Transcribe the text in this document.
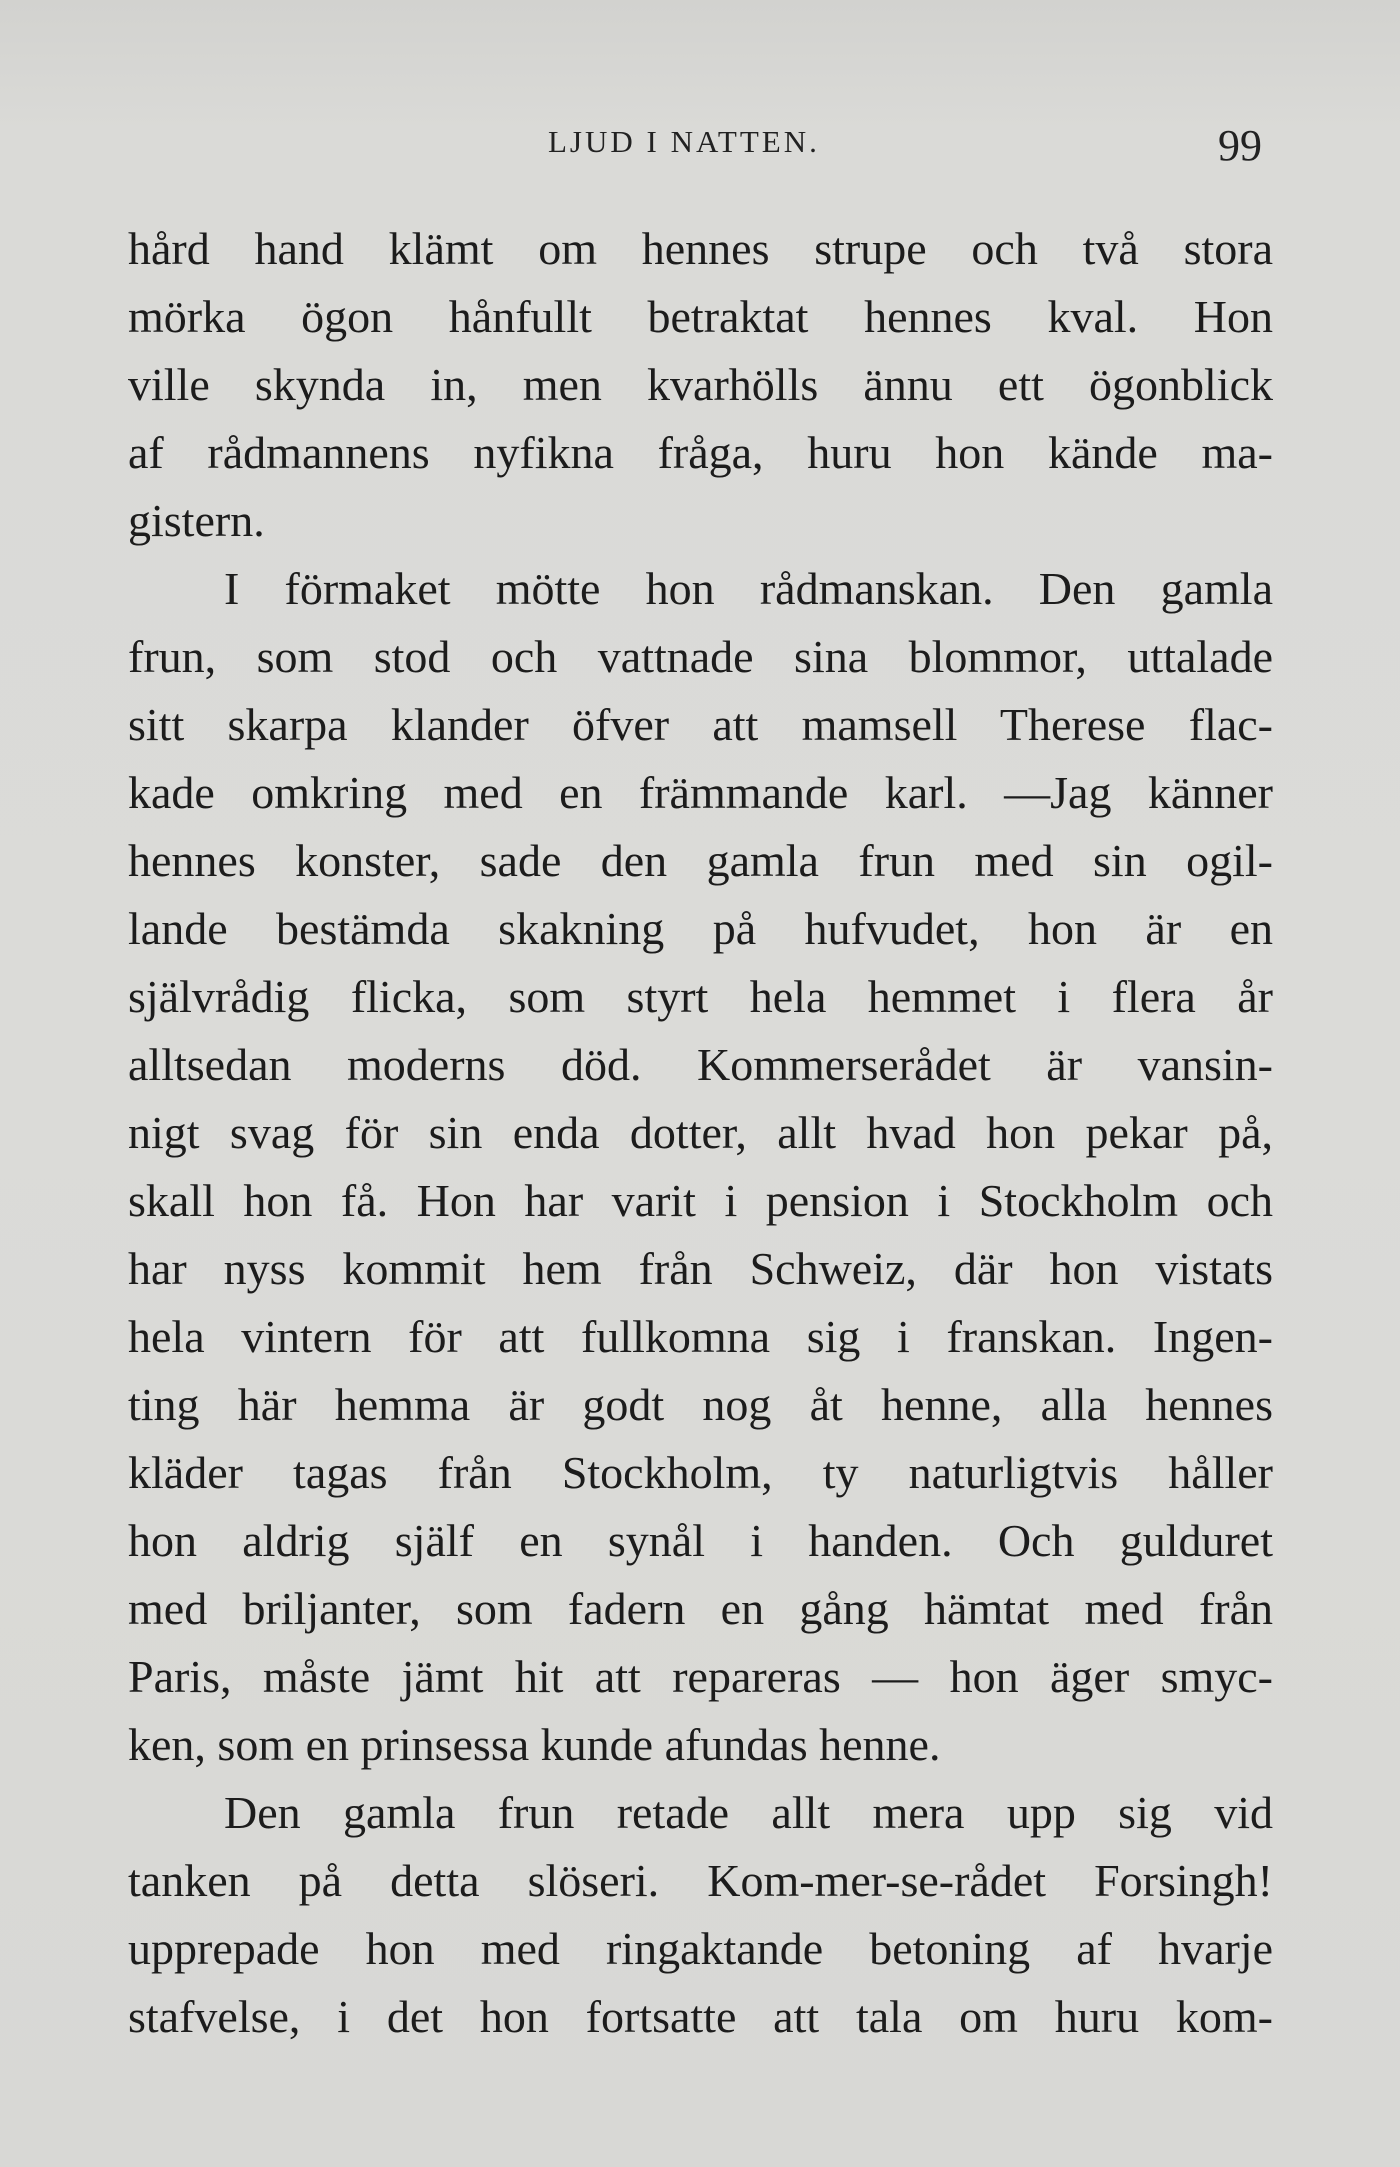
LJUD I NATTEN.	99
hård hand klämt om hennes strupe och två stora
mörka ögon hånfullt betraktat hennes kval. Hon
ville skynda in, men kvarhölls ännu ett ögonblick
af rådmannens nyfikna fråga, huru hon kände ma-
gistern.
I förmaket mötte hon rådmanskan. Den gamla
frun, som stod och vattnade sina blommor, uttalade
sitt skarpa klander öfver att mamsell Therese flac-
kade omkring med en främmande karl. —Jag känner
hennes konster, sade den gamla frun med sin ogil-
lande bestämda skakning på hufvudet, hon är en
självrådig flicka, som styrt hela hemmet i flera år
alltsedan moderns död. Kommerserådet är vansin-
nigt svag för sin enda dotter, allt hvad hon pekar på,
skall hon få. Hon har varit i pension i Stockholm och
har nyss kommit hem från Schweiz, där hon vistats
hela vintern för att fullkomna sig i franskan. Ingen-
ting här hemma är godt nog åt henne, alla hennes
kläder tagas från Stockholm, ty naturligtvis håller
hon aldrig själf en synål i handen. Och gulduret
med briljanter, som fadern en gång hämtat med från
Paris, måste jämt hit att repareras — hon äger smyc-
ken, som en prinsessa kunde afundas henne.
Den gamla frun retade allt mera upp sig vid
tanken på detta slöseri. Kom-mer-se-rådet Forsingh!
upprepade hon med ringaktande betoning af hvarje
stafvelse, i det hon fortsatte att tala om huru kom-
